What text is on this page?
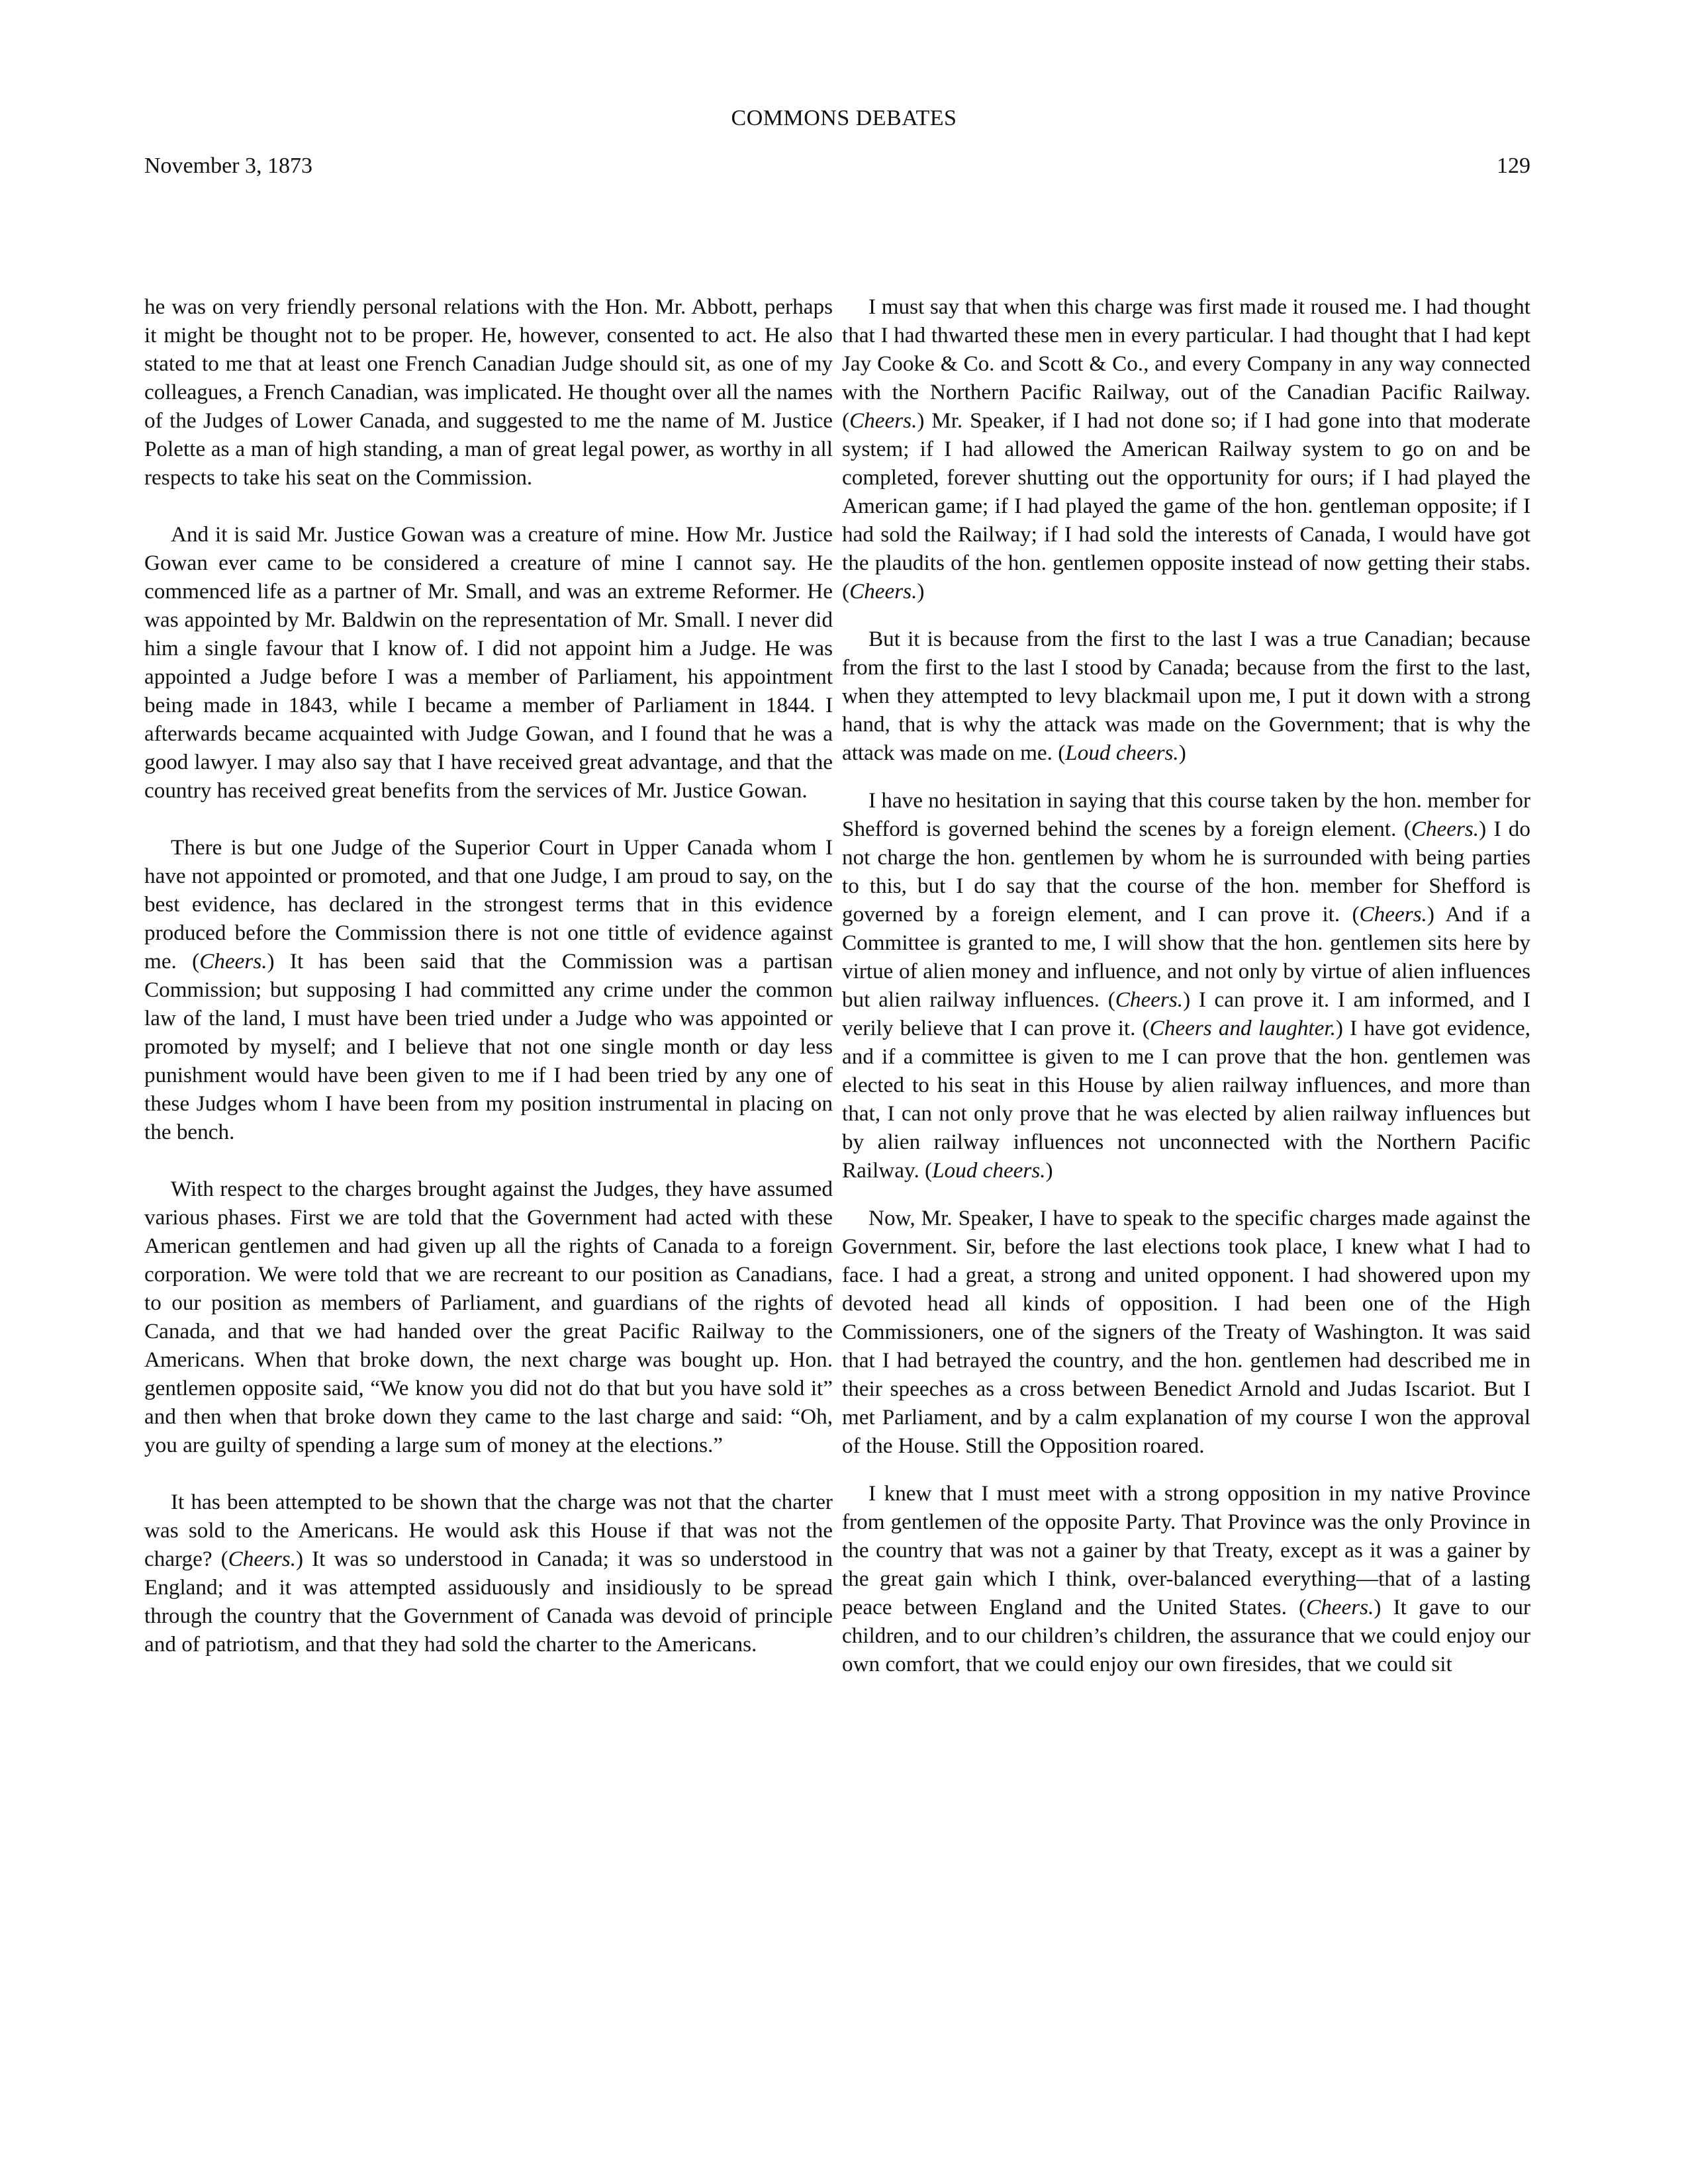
COMMONS DEBATES
November 3, 1873	129

he was on very friendly personal relations with the Hon. Mr. Abbott, perhaps it might be thought not to be proper. He, however, consented to act. He also stated to me that at least one French Canadian Judge should sit, as one of my colleagues, a French Canadian, was implicated. He thought over all the names of the Judges of Lower Canada, and suggested to me the name of M. Justice Polette as a man of high standing, a man of great legal power, as worthy in all respects to take his seat on the Commission.

And it is said Mr. Justice Gowan was a creature of mine. How Mr. Justice Gowan ever came to be considered a creature of mine I cannot say. He commenced life as a partner of Mr. Small, and was an extreme Reformer. He was appointed by Mr. Baldwin on the representation of Mr. Small. I never did him a single favour that I know of. I did not appoint him a Judge. He was appointed a Judge before I was a member of Parliament, his appointment being made in 1843, while I became a member of Parliament in 1844. I afterwards became acquainted with Judge Gowan, and I found that he was a good lawyer. I may also say that I have received great advantage, and that the country has received great benefits from the services of Mr. Justice Gowan.

There is but one Judge of the Superior Court in Upper Canada whom I have not appointed or promoted, and that one Judge, I am proud to say, on the best evidence, has declared in the strongest terms that in this evidence produced before the Commission there is not one tittle of evidence against me. (Cheers.) It has been said that the Commission was a partisan Commission; but supposing I had committed any crime under the common law of the land, I must have been tried under a Judge who was appointed or promoted by myself; and I believe that not one single month or day less punishment would have been given to me if I had been tried by any one of these Judges whom I have been from my position instrumental in placing on the bench.

With respect to the charges brought against the Judges, they have assumed various phases. First we are told that the Government had acted with these American gentlemen and had given up all the rights of Canada to a foreign corporation. We were told that we are recreant to our position as Canadians, to our position as members of Parliament, and guardians of the rights of Canada, and that we had handed over the great Pacific Railway to the Americans. When that broke down, the next charge was bought up. Hon. gentlemen opposite said, “We know you did not do that but you have sold it” and then when that broke down they came to the last charge and said: “Oh, you are guilty of spending a large sum of money at the elections.”

It has been attempted to be shown that the charge was not that the charter was sold to the Americans. He would ask this House if that was not the charge? (Cheers.) It was so understood in Canada; it was so understood in England; and it was attempted assiduously and insidiously to be spread through the country that the Government of Canada was devoid of principle and of patriotism, and that they had sold the charter to the Americans.

I must say that when this charge was first made it roused me. I had thought that I had thwarted these men in every particular. I had thought that I had kept Jay Cooke & Co. and Scott & Co., and every Company in any way connected with the Northern Pacific Railway, out of the Canadian Pacific Railway. (Cheers.) Mr. Speaker, if I had not done so; if I had gone into that moderate system; if I had allowed the American Railway system to go on and be completed, forever shutting out the opportunity for ours; if I had played the American game; if I had played the game of the hon. gentleman opposite; if I had sold the Railway; if I had sold the interests of Canada, I would have got the plaudits of the hon. gentlemen opposite instead of now getting their stabs. (Cheers.)

But it is because from the first to the last I was a true Canadian; because from the first to the last I stood by Canada; because from the first to the last, when they attempted to levy blackmail upon me, I put it down with a strong hand, that is why the attack was made on the Government; that is why the attack was made on me. (Loud cheers.)

I have no hesitation in saying that this course taken by the hon. member for Shefford is governed behind the scenes by a foreign element. (Cheers.) I do not charge the hon. gentlemen by whom he is surrounded with being parties to this, but I do say that the course of the hon. member for Shefford is governed by a foreign element, and I can prove it. (Cheers.) And if a Committee is granted to me, I will show that the hon. gentlemen sits here by virtue of alien money and influence, and not only by virtue of alien influences but alien railway influences. (Cheers.) I can prove it. I am informed, and I verily believe that I can prove it. (Cheers and laughter.) I have got evidence, and if a committee is given to me I can prove that the hon. gentlemen was elected to his seat in this House by alien railway influences, and more than that, I can not only prove that he was elected by alien railway influences but by alien railway influences not unconnected with the Northern Pacific Railway. (Loud cheers.)

Now, Mr. Speaker, I have to speak to the specific charges made against the Government. Sir, before the last elections took place, I knew what I had to face. I had a great, a strong and united opponent. I had showered upon my devoted head all kinds of opposition. I had been one of the High Commissioners, one of the signers of the Treaty of Washington. It was said that I had betrayed the country, and the hon. gentlemen had described me in their speeches as a cross between Benedict Arnold and Judas Iscariot. But I met Parliament, and by a calm explanation of my course I won the approval of the House. Still the Opposition roared.

I knew that I must meet with a strong opposition in my native Province from gentlemen of the opposite Party. That Province was the only Province in the country that was not a gainer by that Treaty, except as it was a gainer by the great gain which I think, over-balanced everything—that of a lasting peace between England and the United States. (Cheers.) It gave to our children, and to our children’s children, the assurance that we could enjoy our own comfort, that we could enjoy our own firesides, that we could sit
